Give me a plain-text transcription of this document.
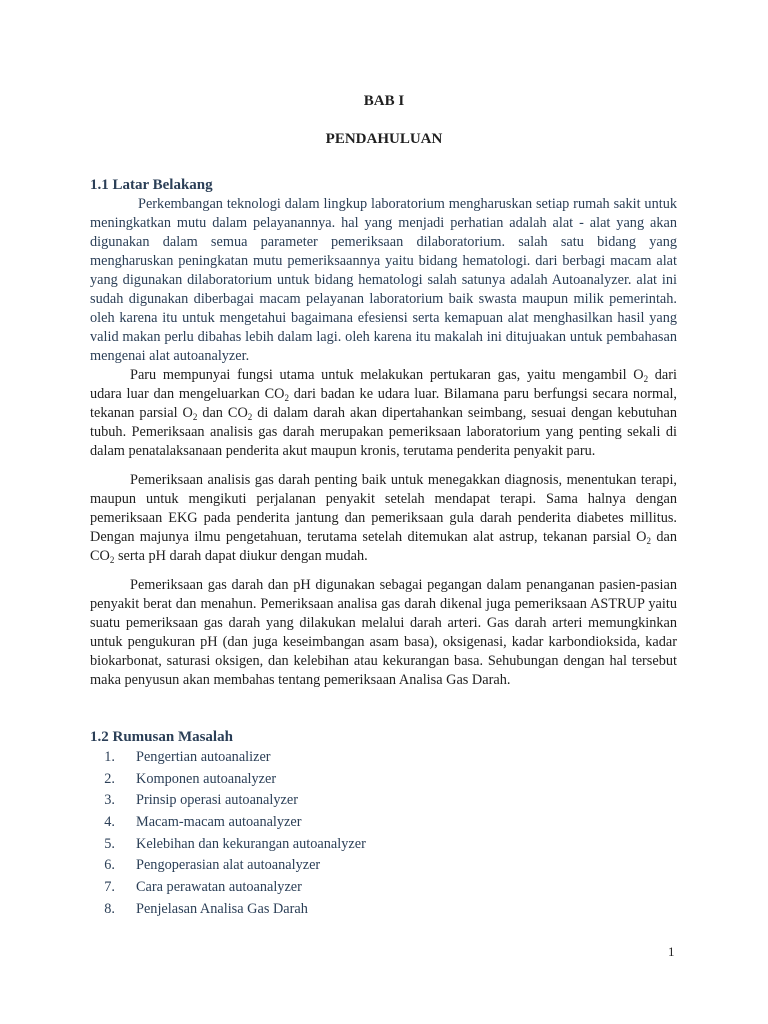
BAB I
PENDAHULUAN
1.1 Latar Belakang

Perkembangan teknologi dalam lingkup laboratorium mengharuskan setiap rumah sakit untuk meningkatkan mutu dalam pelayanannya. hal yang menjadi perhatian adalah alat - alat yang akan digunakan dalam semua parameter pemeriksaan dilaboratorium. salah satu bidang yang mengharuskan peningkatan mutu pemeriksaannya yaitu bidang hematologi. dari berbagi macam alat yang digunakan dilaboratorium untuk bidang hematologi salah satunya adalah Autoanalyzer. alat ini sudah digunakan diberbagai macam pelayanan laboratorium baik swasta maupun milik pemerintah. oleh karena itu untuk mengetahui bagaimana efesiensi serta kemapuan alat menghasilkan hasil yang valid makan perlu dibahas lebih dalam lagi. oleh karena itu makalah ini ditujuakan untuk pembahasan mengenai alat autoanalyzer.

Paru mempunyai fungsi utama untuk melakukan pertukaran gas, yaitu mengambil $O_2$ dari udara luar dan mengeluarkan $CO_2$ dari badan ke udara luar. Bilamana paru berfungsi secara normal, tekanan parsial $O_2$ dan $CO_2$ di dalam darah akan dipertahankan seimbang, sesuai dengan kebutuhan tubuh. Pemeriksaan analisis gas darah merupakan pemeriksaan laboratorium yang penting sekali di dalam penatalaksanaan penderita akut maupun kronis, terutama penderita penyakit paru.

Pemeriksaan analisis gas darah penting baik untuk menegakkan diagnosis, menentukan terapi, maupun untuk mengikuti perjalanan penyakit setelah mendapat terapi. Sama halnya dengan pemeriksaan EKG pada penderita jantung dan pemeriksaan gula darah penderita diabetes millitus. Dengan majunya ilmu pengetahuan, terutama setelah ditemukan alat astrup, tekanan parsial $O_2$ dan $CO_2$ serta pH darah dapat diukur dengan mudah.

Pemeriksaan gas darah dan pH digunakan sebagai pegangan dalam penanganan pasien-pasian penyakit berat dan menahun. Pemeriksaan analisa gas darah dikenal juga pemeriksaan ASTRUP yaitu suatu pemeriksaan gas darah yang dilakukan melalui darah arteri. Gas darah arteri memungkinkan untuk pengukuran pH (dan juga keseimbangan asam basa), oksigenasi, kadar karbondioksida, kadar biokarbonat, saturasi oksigen, dan kelebihan atau kekurangan basa. Sehubungan dengan hal tersebut maka penyusun akan membahas tentang pemeriksaan Analisa Gas Darah.

1.2 Rumusan Masalah
1. Pengertian autoanalizer
2. Komponen autoanalyzer
3. Prinsip operasi autoanalyzer
4. Macam-macam autoanalyzer
5. Kelebihan dan kekurangan autoanalyzer
6. Pengoperasian alat autoanalyzer
7. Cara perawatan autoanalyzer
8. Penjelasan Analisa Gas Darah
1
